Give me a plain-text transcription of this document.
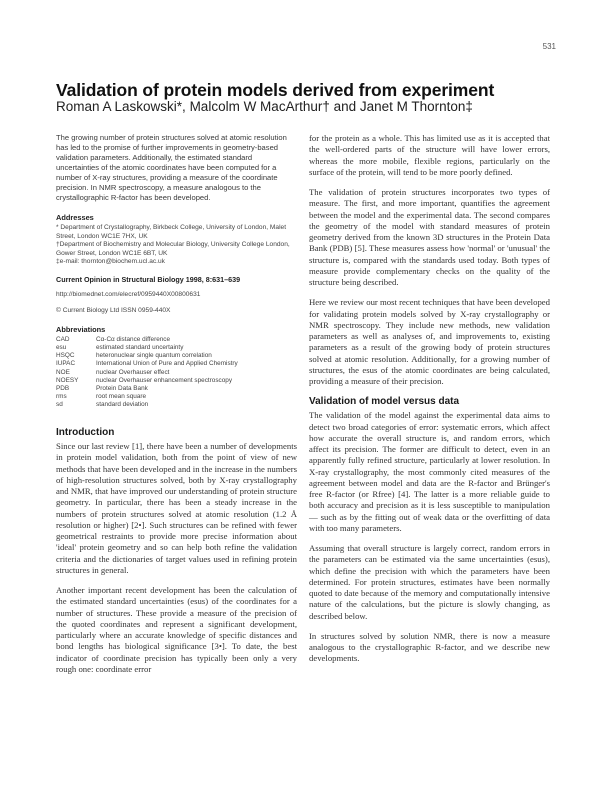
531
Validation of protein models derived from experiment
Roman A Laskowski*, Malcolm W MacArthur† and Janet M Thornton‡

The growing number of protein structures solved at atomic resolution has led to the promise of further improvements in geometry-based validation parameters. Additionally, the estimated standard uncertainties of the atomic coordinates have been computed for a number of X-ray structures, providing a measure of the coordinate precision. In NMR spectroscopy, a measure analogous to the crystallographic R-factor has been developed.

Addresses

* Department of Crystallography, Birkbeck College, University of London, Malet Street, London WC1E 7HX, UK

†Department of Biochemistry and Molecular Biology, University College London, Gower Street, London WC1E 6BT, UK

‡e-mail: thornton@biochem.ucl.ac.uk

Current Opinion in Structural Biology 1998, 8:631–639

http://biomednet.com/elecref/0959440X00800631

© Current Biology Ltd ISSN 0959-440X

Abbreviations
CAD	Cα-Cα distance difference
esu	estimated standard uncertainty
HSQC	heteronuclear single quantum correlation
IUPAC	International Union of Pure and Applied Chemistry
NOE	nuclear Overhauser effect
NOESY	nuclear Overhauser enhancement spectroscopy
PDB	Protein Data Bank
rms	root mean square
sd	standard deviation
Introduction

Since our last review [1], there have been a number of developments in protein model validation, both from the point of view of new methods that have been developed and in the increase in the numbers of high-resolution structures solved, both by X-ray crystallography and NMR, that have improved our understanding of protein structure geometry. In particular, there has been a steady increase in the numbers of protein structures solved at atomic resolution (1.2 Å resolution or higher) [2•]. Such structures can be refined with fewer geometrical restraints to provide more precise information about 'ideal' protein geometry and so can help both refine the validation criteria and the dictionaries of target values used in refining protein structures in general.

Another important recent development has been the calculation of the estimated standard uncertainties (esus) of the coordinates for a number of structures. These provide a measure of the precision of the quoted coordinates and represent a significant development, particularly where an accurate knowledge of specific distances and bond lengths has biological significance [3•]. To date, the best indicator of coordinate precision has typically been only a very rough one: coordinate error

for the protein as a whole. This has limited use as it is accepted that the well-ordered parts of the structure will have lower errors, whereas the more mobile, flexible regions, particularly on the surface of the protein, will tend to be more poorly defined.

The validation of protein structures incorporates two types of measure. The first, and more important, quantifies the agreement between the model and the experimental data. The second compares the geometry of the model with standard measures of protein geometry derived from the known 3D structures in the Protein Data Bank (PDB) [5]. These measures assess how 'normal' or 'unusual' the structure is, compared with the standards used today. Both types of measure provide complementary checks on the quality of the structure being described.

Here we review our most recent techniques that have been developed for validating protein models solved by X-ray crystallography or NMR spectroscopy. They include new methods, new validation parameters as well as analyses of, and improvements to, existing parameters as a result of the growing body of protein structures solved at atomic resolution. Additionally, for a growing number of structures, the esus of the atomic coordinates are being calculated, providing a measure of their precision.

Validation of model versus data

The validation of the model against the experimental data aims to detect two broad categories of error: systematic errors, which affect how accurate the overall structure is, and random errors, which affect its precision. The former are difficult to detect, even in an apparently fully refined structure, particularly at lower resolution. In X-ray crystallography, the most commonly cited measures of the agreement between model and data are the R-factor and Brünger's free R-factor (or Rfree) [4]. The latter is a more reliable guide to both accuracy and precision as it is less susceptible to manipulation — such as by the fitting out of weak data or the overfitting of data with too many parameters.

Assuming that overall structure is largely correct, random errors in the parameters can be estimated via the same uncertainties (esus), which define the precision with which the parameters have been determined. For protein structures, estimates have been normally quoted to date because of the memory and computationally intensive nature of the calculations, but the picture is slowly changing, as described below.

In structures solved by solution NMR, there is now a measure analogous to the crystallographic R-factor, and we describe new developments.
